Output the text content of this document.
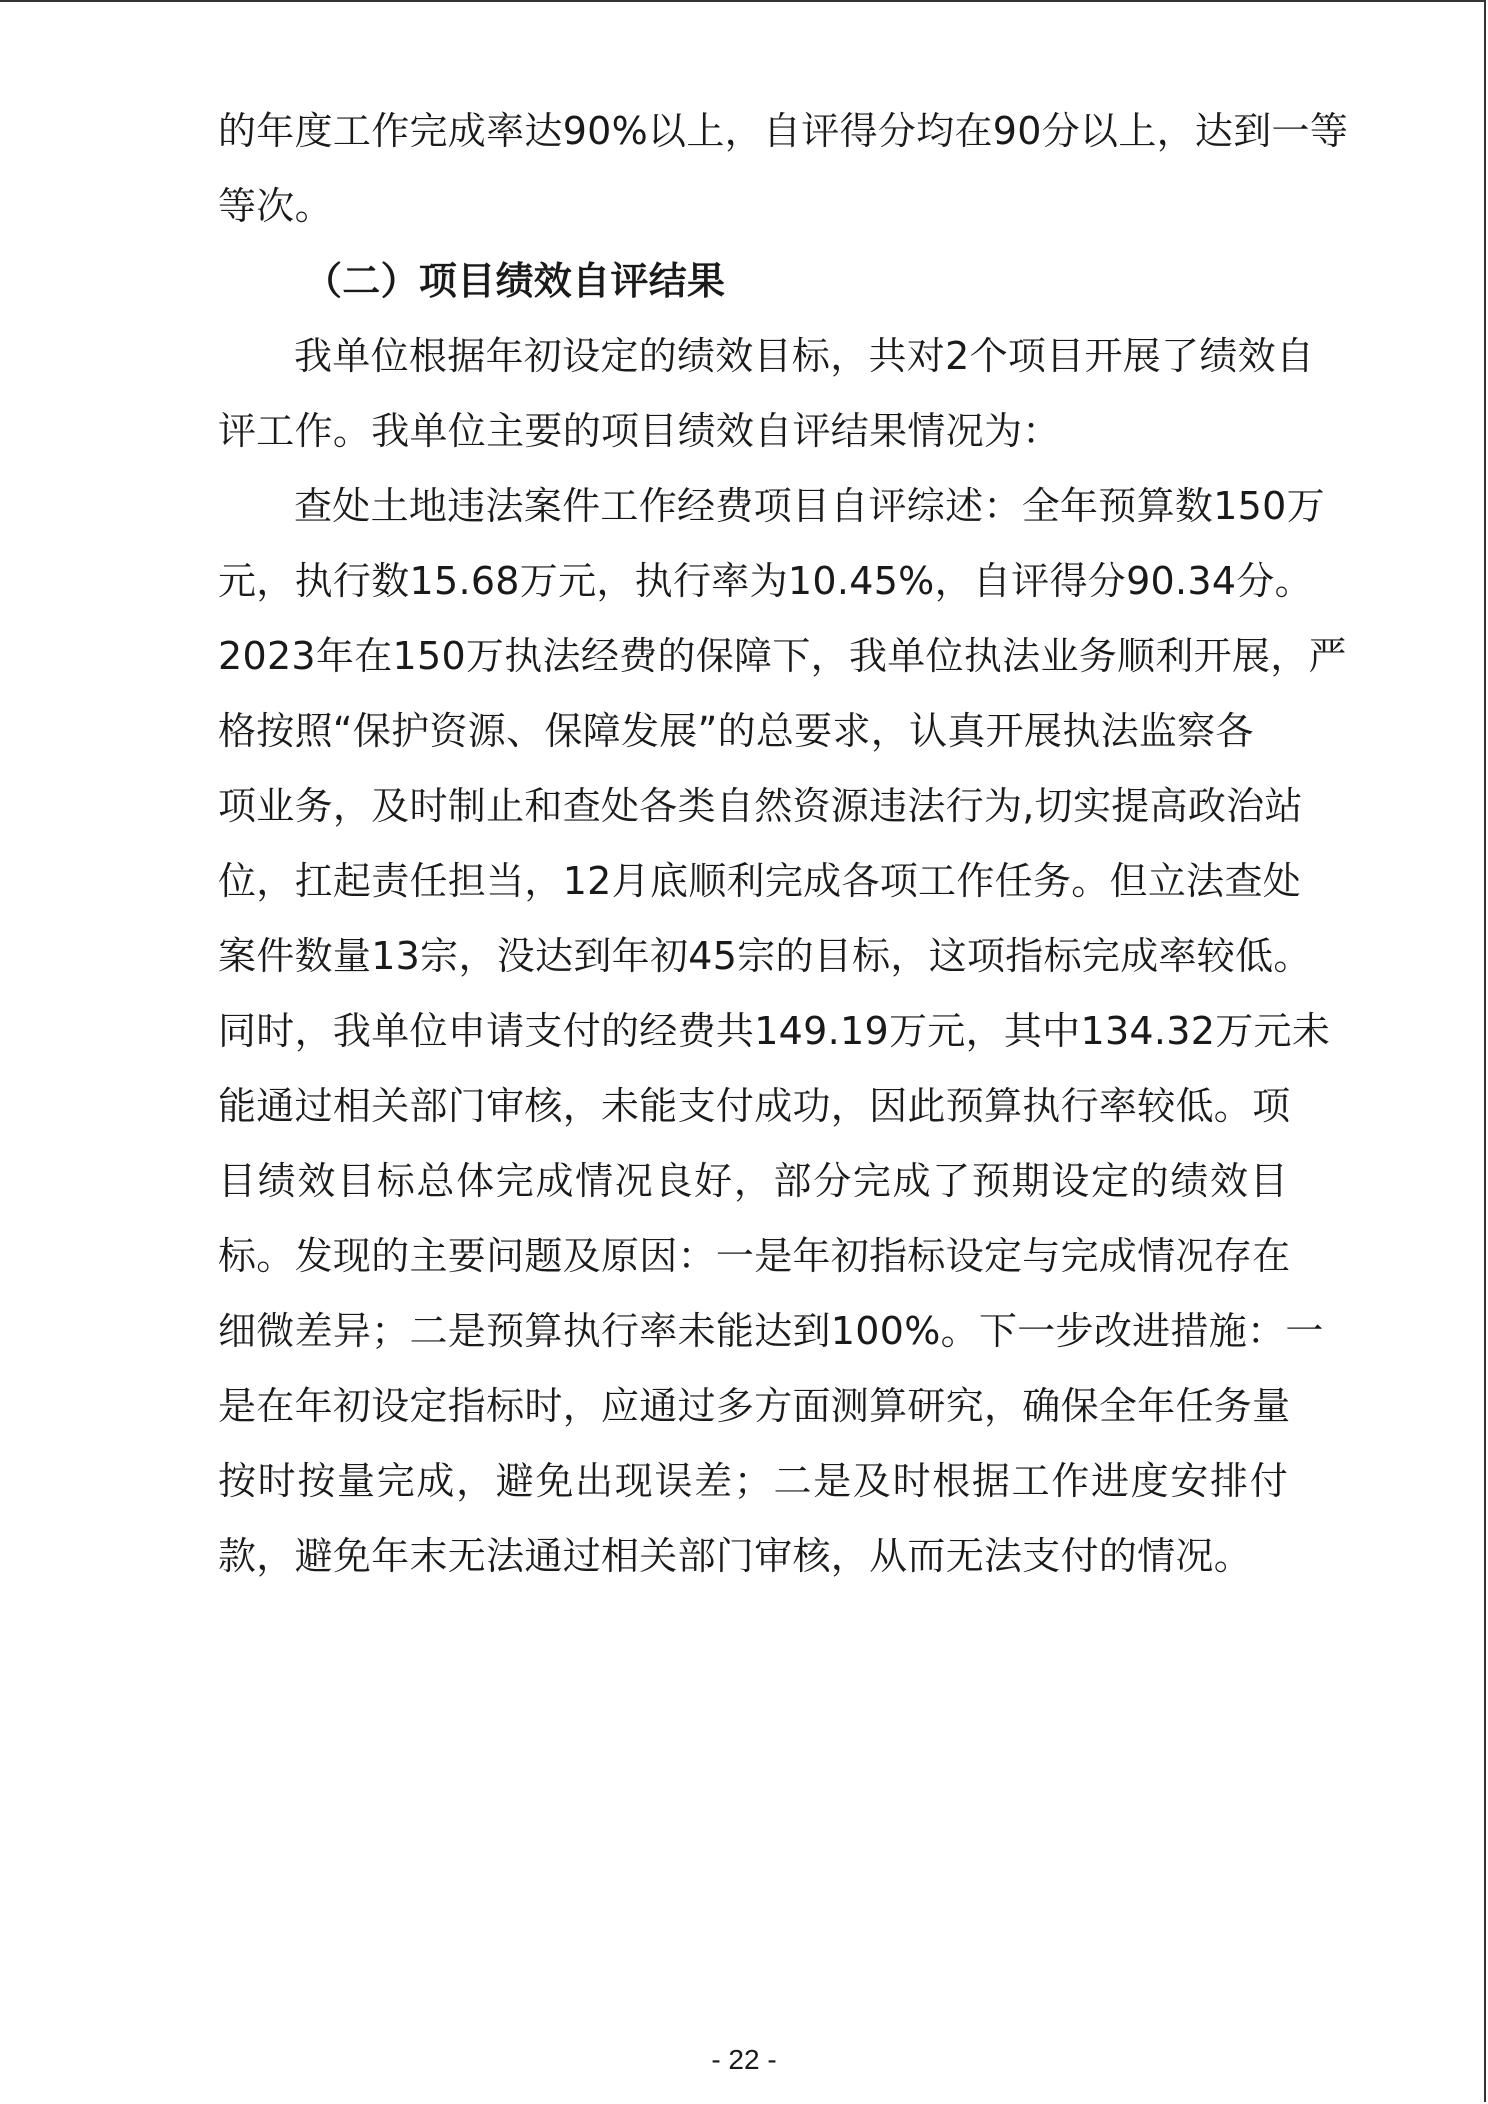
的年度工作完成率达90%以上，自评得分均在90分以上，达到一等
等次。
（二）项目绩效自评结果
我单位根据年初设定的绩效目标，共对2个项目开展了绩效自
评工作。我单位主要的项目绩效自评结果情况为：
查处土地违法案件工作经费项目自评综述：全年预算数150万
元，执行数15.68万元，执行率为10.45%，自评得分90.34分。
2023年在150万执法经费的保障下，我单位执法业务顺利开展，严
格按照“保护资源、保障发展”的总要求，认真开展执法监察各
项业务，及时制止和查处各类自然资源违法行为,切实提高政治站
位，扛起责任担当，12月底顺利完成各项工作任务。但立法查处
案件数量13宗，没达到年初45宗的目标，这项指标完成率较低。
同时，我单位申请支付的经费共149.19万元，其中134.32万元未
能通过相关部门审核，未能支付成功，因此预算执行率较低。项
目绩效目标总体完成情况良好，部分完成了预期设定的绩效目
标。发现的主要问题及原因：一是年初指标设定与完成情况存在
细微差异；二是预算执行率未能达到100%。下一步改进措施：一
是在年初设定指标时，应通过多方面测算研究，确保全年任务量
按时按量完成，避免出现误差；二是及时根据工作进度安排付
款，避免年末无法通过相关部门审核，从而无法支付的情况。
- 22 -
